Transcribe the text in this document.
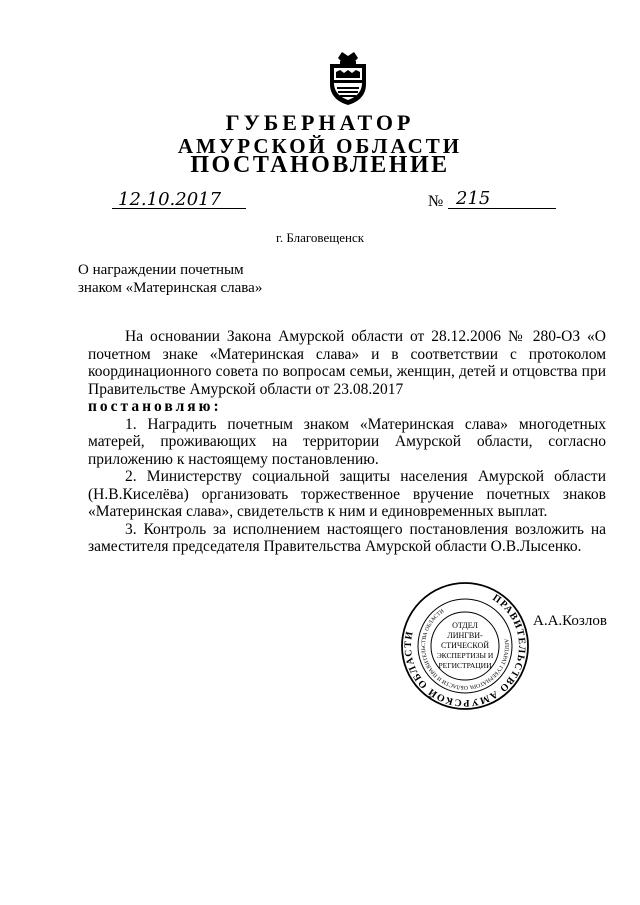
ГУБЕРНАТОР
АМУРСКОЙ ОБЛАСТИ
ПОСТАНОВЛЕНИЕ
12.10.2017	№ 215
г. Благовещенск
О награждении почетным
знаком «Материнская слава»

На основании Закона Амурской области от 28.12.2006 № 280-ОЗ «О почетном знаке «Материнская слава» и в соответствии с протоколом координационного совета по вопросам семьи, женщин, детей и отцовства при Правительстве Амурской области от 23.08.2017

постановляю:

1. Наградить почетным знаком «Материнская слава» многодетных матерей, проживающих на территории Амурской области, согласно приложению к настоящему постановлению.

2. Министерству социальной защиты населения Амурской области (Н.В.Киселёва) организовать торжественное вручение почетных знаков «Материнская слава», свидетельств к ним и единовременных выплат.

3. Контроль за исполнением настоящего постановления возложить на заместителя председателя Правительства Амурской области О.В.Лысенко.

ПРАВИТЕЛЬСТВО АМУРСКОЙ ОБЛАСТИ
АППАРАТ ГУБЕРНАТОРА ОБЛАСТИ И ПРАВИТЕЛЬСТВА ОБЛАСТИ
ОТДЕЛ
ЛИНГВИ-
СТИЧЕСКОЙ
ЭКСПЕРТИЗЫ И
РЕГИСТРАЦИИ
А.А.Козлов
